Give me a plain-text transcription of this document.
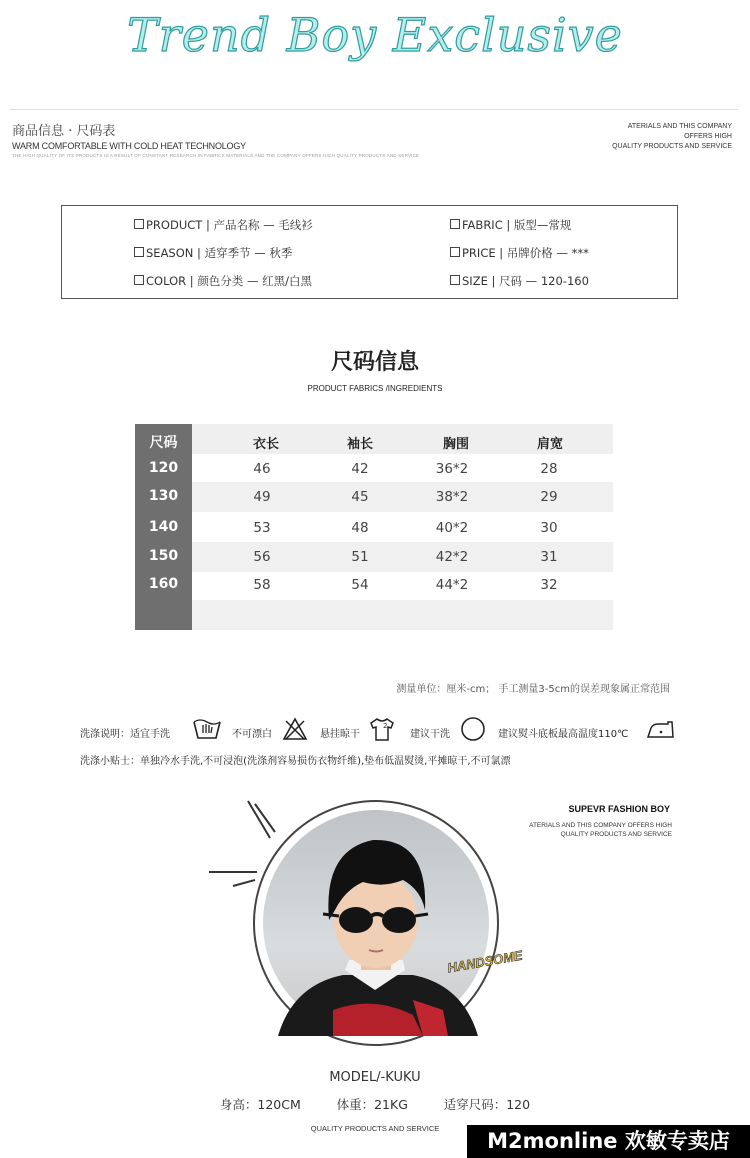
Trend Boy Exclusive
商品信息 · 尺码表
WARM COMFORTABLE WITH COLD HEAT TECHNOLOGY
THE HIGH QUALITY OF ITS PRODUCTS IS A RESULT OF CONSTANT RESEARCH IN FABRICS MATERIALS AND THE COMPANY OFFERS HIGH QUALITY PRODUCTS AND SERVICE
ATERIALS AND THIS COMPANY
OFFERS HIGH
QUALITY PRODUCTS AND SERVICE
PRODUCT | 产品名称 — 毛线衫	FABRIC | 版型—常规
SEASON | 适穿季节 — 秋季	PRICE | 吊牌价格 — ***
COLOR | 颜色分类 — 红黑/白黑	SIZE | 尺码 — 120-160
尺码信息
PRODUCT FABRICS /INGREDIENTS
尺码	衣长	袖长	胸围	肩宽
120	46	42	36*2	28
130	49	45	38*2	29
140	53	48	40*2	30
150	56	51	42*2	31
160	58	54	44*2	32
测量单位：厘米-cm； 手工测量3-5cm的误差现象属正常范围
洗涤说明：适宜手洗	不可漂白	悬挂晾干
2
建议干洗	建议熨斗底板最高温度110℃
洗涤小贴士：单独冷水手洗,不可浸泡(洗涤剂容易损伤衣物纤维),垫布低温熨烫,平摊晾干,不可氯漂
HANDSOME
SUPEVR FASHION BOY
ATERIALS AND THIS COMPANY OFFERS HIGH
QUALITY PRODUCTS AND SERVICE
MODEL/-KUKU
身高：120CM      体重：21KG      适穿尺码：120
QUALITY PRODUCTS AND SERVICE
M2monline 欢敏专卖店
